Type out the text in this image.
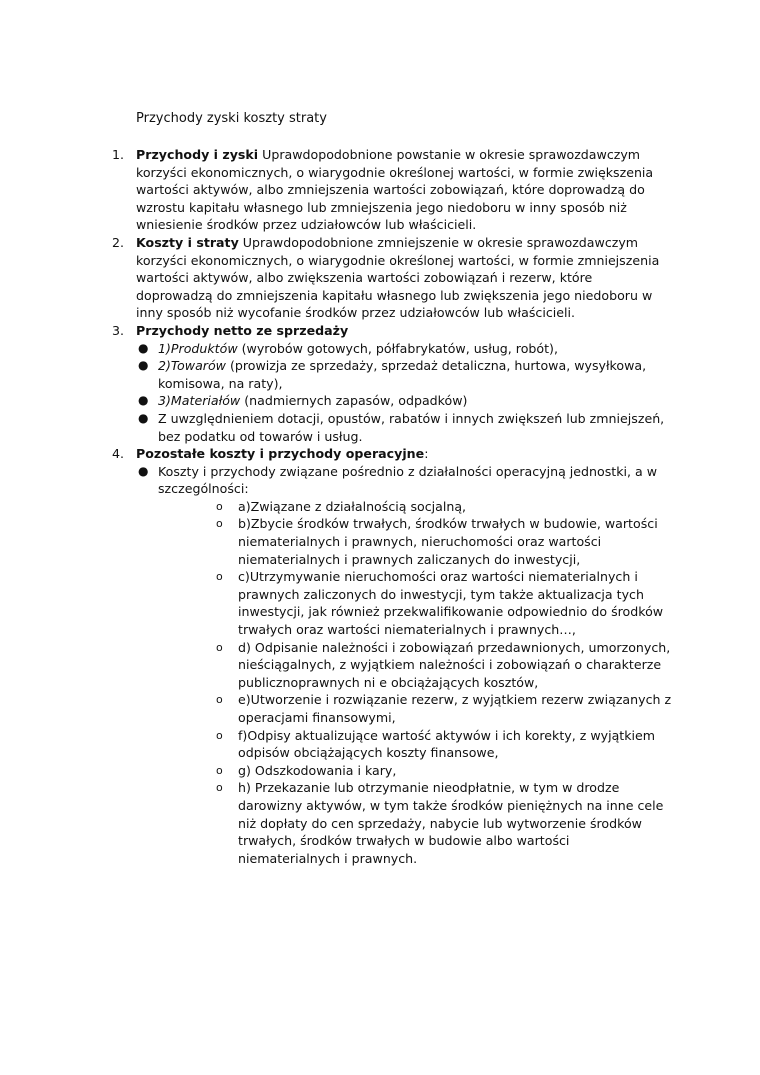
Przychody zyski koszty straty
1. Przychody i zyski Uprawdopodobnione powstanie w okresie sprawozdawczym korzyści ekonomicznych, o wiarygodnie określonej wartości, w formie zwiększenia wartości aktywów, albo zmniejszenia wartości zobowiązań, które doprowadzą do wzrostu kapitału własnego lub zmniejszenia jego niedoboru w inny sposób niż wniesienie środków przez udziałowców lub właścicieli.
2. Koszty i straty Uprawdopodobnione zmniejszenie w okresie sprawozdawczym korzyści ekonomicznych, o wiarygodnie określonej wartości, w formie zmniejszenia wartości aktywów, albo zwiększenia wartości zobowiązań i rezerw, które doprowadzą do zmniejszenia kapitału własnego lub zwiększenia jego niedoboru w inny sposób niż wycofanie środków przez udziałowców lub właścicieli.
3. Przychody netto ze sprzedaży
● 1)Produktów (wyrobów gotowych, półfabrykatów, usług, robót),
● 2)Towarów (prowizja ze sprzedaży, sprzedaż detaliczna, hurtowa, wysyłkowa, komisowa, na raty),
● 3)Materiałów (nadmiernych zapasów, odpadków)
● Z uwzględnieniem dotacji, opustów, rabatów i innych zwiększeń lub zmniejszeń, bez podatku od towarów i usług.
4. Pozostałe koszty i przychody operacyjne:
● Koszty i przychody związane pośrednio z działalności operacyjną jednostki, a w szczególności:
o a)Związane z działalnością socjalną,
o b)Zbycie środków trwałych, środków trwałych w budowie, wartości niematerialnych i prawnych, nieruchomości oraz wartości niematerialnych i prawnych zaliczanych do inwestycji,
o c)Utrzymywanie nieruchomości oraz wartości niematerialnych i prawnych zaliczonych do inwestycji, tym także aktualizacja tych inwestycji, jak również przekwalifikowanie odpowiednio do środków trwałych oraz wartości niematerialnych i prawnych…,
o d) Odpisanie należności i zobowiązań przedawnionych, umorzonych, nieściągalnych, z wyjątkiem należności i zobowiązań o charakterze publicznoprawnych ni e obciążających kosztów,
o e)Utworzenie i rozwiązanie rezerw, z wyjątkiem rezerw związanych z operacjami finansowymi,
o f)Odpisy aktualizujące wartość aktywów i ich korekty, z wyjątkiem odpisów obciążających koszty finansowe,
o g) Odszkodowania i kary,
o h) Przekazanie lub otrzymanie nieodpłatnie, w tym w drodze darowizny aktywów, w tym także środków pieniężnych na inne cele niż dopłaty do cen sprzedaży, nabycie lub wytworzenie środków trwałych, środków trwałych w budowie albo wartości niematerialnych i prawnych.
